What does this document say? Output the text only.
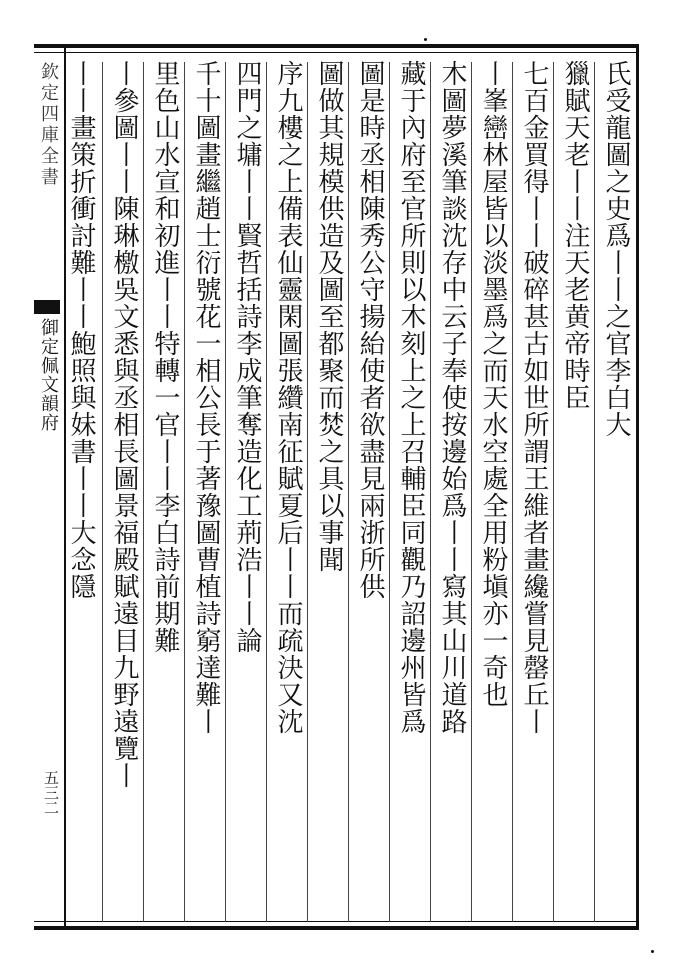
欽定四庫全書
御定佩文韻府
五三二
氏受龍圖之史爲丨丨之官李白大
獵賦天老丨丨注天老黄帝時臣
七百金買得丨丨破碎甚古如世所謂王維者畫纔嘗見罄丘丨
丨峯巒林屋皆以淡墨爲之而天水空處全用粉塡亦一奇也
木圖夢溪筆談沈存中云子奉使按邊始爲丨丨寫其山川道路
藏于內府至官所則以木刻上之上召輔臣同觀乃詔邊州皆爲
圖是時丞相陳秀公守揚紿使者欲盡見兩浙所供
圖做其規模供造及圖至都聚而焚之具以事聞
序九樓之上備表仙靈閑圖張纘南征賦夏后丨丨而疏決又沈
四門之墉丨丨賢哲括詩李成筆奪造化工荊浩丨丨論
千十圖畫繼趙士衍號花一相公長于著豫圖曹植詩窮達難丨
里色山水宣和初進丨丨特轉一官丨丨李白詩前期難
丨參圖丨丨陳琳檄吳文悉與丞相長圖景福殿賦遠目九野遠覽丨
丨丨畫策折衝討難丨丨鮑照與妹書丨丨大念隱
